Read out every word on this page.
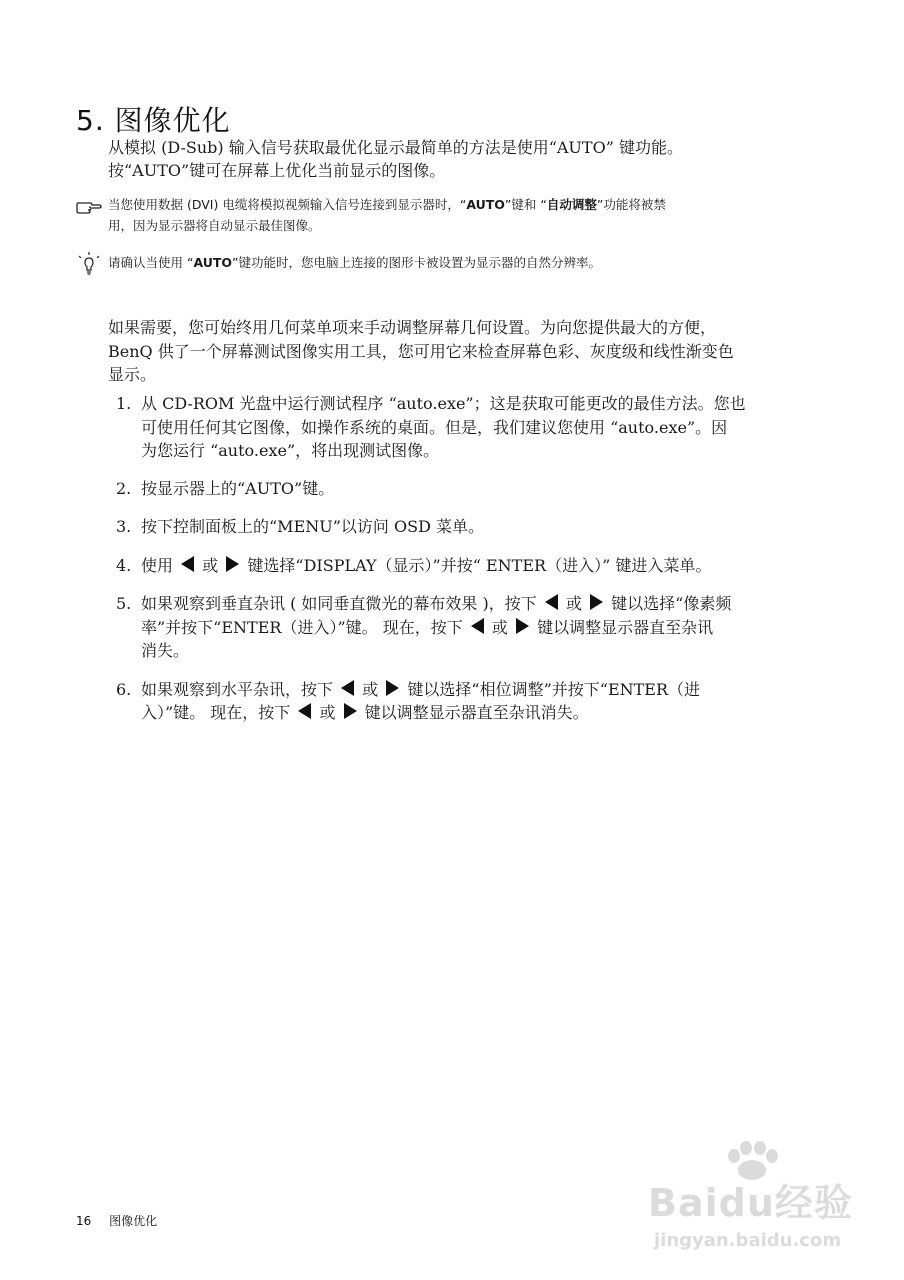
5. 图像优化

从模拟 (D-Sub) 输入信号获取最优化显示最简单的方法是使用“AUTO” 键功能。

按“AUTO”键可在屏幕上优化当前显示的图像。

当您使用数据 (DVI) 电缆将模拟视频输入信号连接到显示器时，“AUTO”键和 “自动调整”功能将被禁
用，因为显示器将自动显示最佳图像。
请确认当使用 “AUTO”键功能时，您电脑上连接的图形卡被设置为显示器的自然分辨率。
如果需要，您可始终用几何菜单项来手动调整屏幕几何设置。为向您提供最大的方便，
BenQ 供了一个屏幕测试图像实用工具，您可用它来检查屏幕色彩、灰度级和线性渐变色
显示。
1. 从 CD-ROM 光盘中运行测试程序 “auto.exe”；这是获取可能更改的最佳方法。您也
可使用任何其它图像，如操作系统的桌面。但是，我们建议您使用 “auto.exe”。因
为您运行 “auto.exe”，将出现测试图像。
2. 按显示器上的“AUTO”键。
3. 按下控制面板上的“MENU”以访问 OSD 菜单。
4. 使用 或 键选择“DISPLAY（显示）”并按“ ENTER（进入）” 键进入菜单。
5. 如果观察到垂直杂讯 ( 如同垂直微光的幕布效果 )，按下 或 键以选择“像素频
率”并按下“ENTER（进入）”键。 现在，按下 或 键以调整显示器直至杂讯
消失。
6. 如果观察到水平杂讯，按下 或 键以选择“相位调整”并按下“ENTER（进
入）”键。 现在，按下 或 键以调整显示器直至杂讯消失。
16 图像优化	Baidu经验
jingyan.baidu.com
